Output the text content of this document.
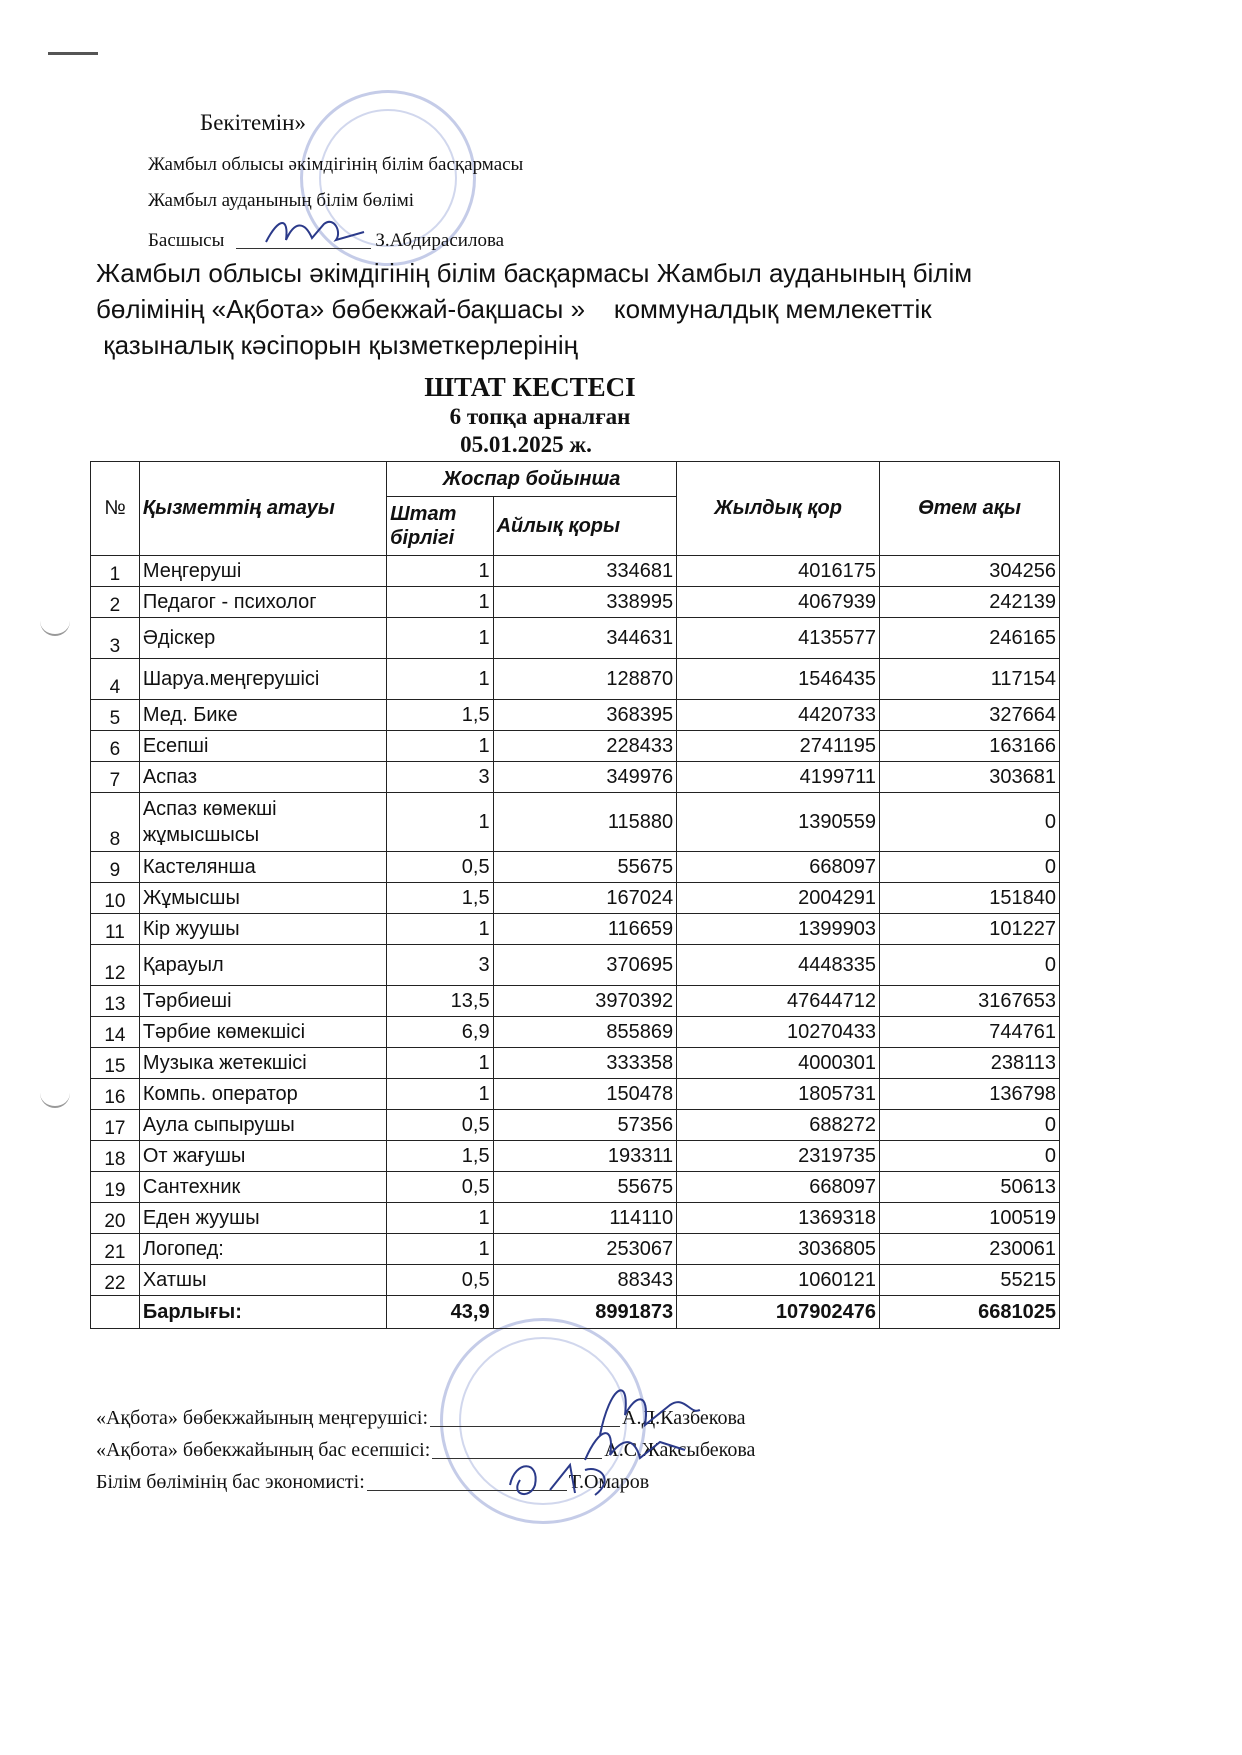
Бекітемін»
Жамбыл облысы әкімдігінің білім басқармасы
Жамбыл ауданының білім бөлімі
Басшысы	З.Абдирасилова
Жамбыл облысы әкімдігінің білім басқармасы Жамбыл ауданының білім
бөлімінің «Ақбота» бөбекжай-бақшасы »    коммуналдық мемлекеттік
қазыналық кәсіпорын қызметкерлерінің
ШТАТ КЕСТЕСІ
6 топқа арналған
05.01.2025 ж.
№	Қызметтің атауы	Жоспар бойынша		Жылдық қор	Өтем ақы
		Штат бірлігі	Айлық қоры		
1	Меңгеруші	1	334681	4016175	304256
2	Педагог - психолог	1	338995	4067939	242139
3	Әдіскер	1	344631	4135577	246165
4	Шаруа.меңгерушісі	1	128870	1546435	117154
5	Мед. Бике	1,5	368395	4420733	327664
6	Есепші	1	228433	2741195	163166
7	Аспаз	3	349976	4199711	303681
8	Аспаз көмекші жұмысшысы	1	115880	1390559	0
9	Кастелянша	0,5	55675	668097	0
10	Жұмысшы	1,5	167024	2004291	151840
11	Кір жуушы	1	116659	1399903	101227
12	Қарауыл	3	370695	4448335	0
13	Тәрбиеші	13,5	3970392	47644712	3167653
14	Тәрбие көмекшісі	6,9	855869	10270433	744761
15	Музыка жетекшісі	1	333358	4000301	238113
16	Компь. оператор	1	150478	1805731	136798
17	Аула сыпырушы	0,5	57356	688272	0
18	От жағушы	1,5	193311	2319735	0
19	Сантехник	0,5	55675	668097	50613
20	Еден жуушы	1	114110	1369318	100519
21	Логопед:	1	253067	3036805	230061
22	Хатшы	0,5	88343	1060121	55215
	Барлығы:	43,9	8991873	107902476	6681025
«Ақбота» бөбекжайының меңгерушісі:	А.Д.Казбекова
«Ақбота» бөбекжайының бас есепшісі:	А.С.Жаксыбекова
Білім бөлімінің бас экономисті:	Т.Омаров
